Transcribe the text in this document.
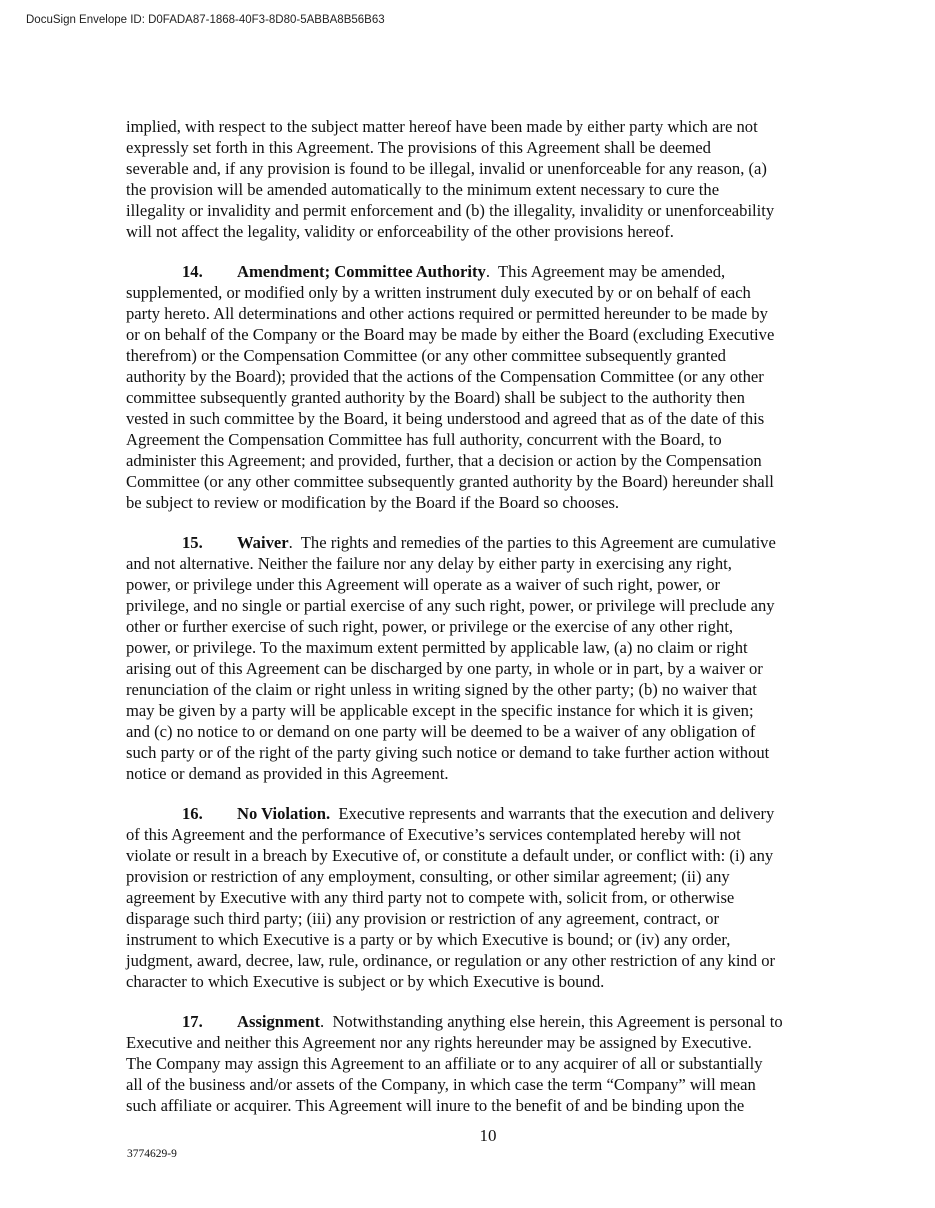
DocuSign Envelope ID: D0FADA87-1868-40F3-8D80-5ABBA8B56B63
implied, with respect to the subject matter hereof have been made by either party which are not
expressly set forth in this Agreement. The provisions of this Agreement shall be deemed
severable and, if any provision is found to be illegal, invalid or unenforceable for any reason, (a)
the provision will be amended automatically to the minimum extent necessary to cure the
illegality or invalidity and permit enforcement and (b) the illegality, invalidity or unenforceability
will not affect the legality, validity or enforceability of the other provisions hereof.
14. Amendment; Committee Authority.  This Agreement may be amended,
supplemented, or modified only by a written instrument duly executed by or on behalf of each
party hereto. All determinations and other actions required or permitted hereunder to be made by
or on behalf of the Company or the Board may be made by either the Board (excluding Executive
therefrom) or the Compensation Committee (or any other committee subsequently granted
authority by the Board); provided that the actions of the Compensation Committee (or any other
committee subsequently granted authority by the Board) shall be subject to the authority then
vested in such committee by the Board, it being understood and agreed that as of the date of this
Agreement the Compensation Committee has full authority, concurrent with the Board, to
administer this Agreement; and provided, further, that a decision or action by the Compensation
Committee (or any other committee subsequently granted authority by the Board) hereunder shall
be subject to review or modification by the Board if the Board so chooses.
15. Waiver.  The rights and remedies of the parties to this Agreement are cumulative
and not alternative. Neither the failure nor any delay by either party in exercising any right,
power, or privilege under this Agreement will operate as a waiver of such right, power, or
privilege, and no single or partial exercise of any such right, power, or privilege will preclude any
other or further exercise of such right, power, or privilege or the exercise of any other right,
power, or privilege. To the maximum extent permitted by applicable law, (a) no claim or right
arising out of this Agreement can be discharged by one party, in whole or in part, by a waiver or
renunciation of the claim or right unless in writing signed by the other party; (b) no waiver that
may be given by a party will be applicable except in the specific instance for which it is given;
and (c) no notice to or demand on one party will be deemed to be a waiver of any obligation of
such party or of the right of the party giving such notice or demand to take further action without
notice or demand as provided in this Agreement.
16. No Violation.  Executive represents and warrants that the execution and delivery
of this Agreement and the performance of Executive’s services contemplated hereby will not
violate or result in a breach by Executive of, or constitute a default under, or conflict with: (i) any
provision or restriction of any employment, consulting, or other similar agreement; (ii) any
agreement by Executive with any third party not to compete with, solicit from, or otherwise
disparage such third party; (iii) any provision or restriction of any agreement, contract, or
instrument to which Executive is a party or by which Executive is bound; or (iv) any order,
judgment, award, decree, law, rule, ordinance, or regulation or any other restriction of any kind or
character to which Executive is subject or by which Executive is bound.
17. Assignment.  Notwithstanding anything else herein, this Agreement is personal to
Executive and neither this Agreement nor any rights hereunder may be assigned by Executive.
The Company may assign this Agreement to an affiliate or to any acquirer of all or substantially
all of the business and/or assets of the Company, in which case the term “Company” will mean
such affiliate or acquirer. This Agreement will inure to the benefit of and be binding upon the
10
3774629-9
